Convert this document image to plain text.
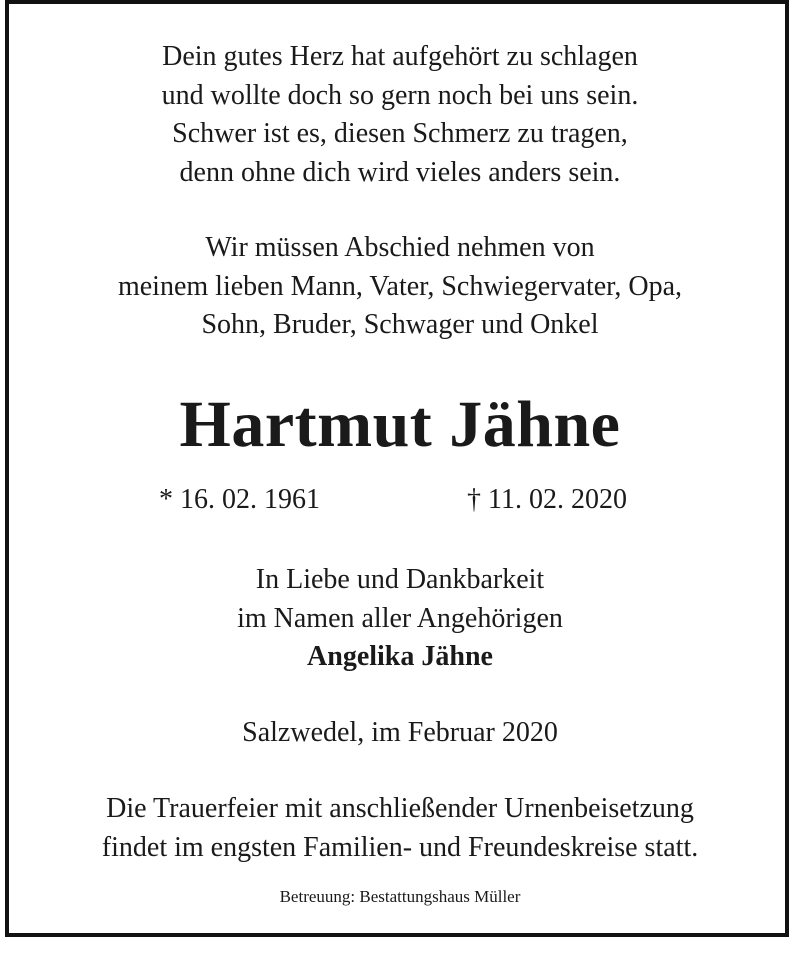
Dein gutes Herz hat aufgehört zu schlagen
und wollte doch so gern noch bei uns sein.
Schwer ist es, diesen Schmerz zu tragen,
denn ohne dich wird vieles anders sein.
Wir müssen Abschied nehmen von
meinem lieben Mann, Vater, Schwiegervater, Opa,
Sohn, Bruder, Schwager und Onkel
Hartmut Jähne
* 16. 02. 1961	† 11. 02. 2020
In Liebe und Dankbarkeit
im Namen aller Angehörigen
Angelika Jähne
Salzwedel, im Februar 2020
Die Trauerfeier mit anschließender Urnenbeisetzung
findet im engsten Familien- und Freundeskreise statt.
Betreuung: Bestattungshaus Müller
